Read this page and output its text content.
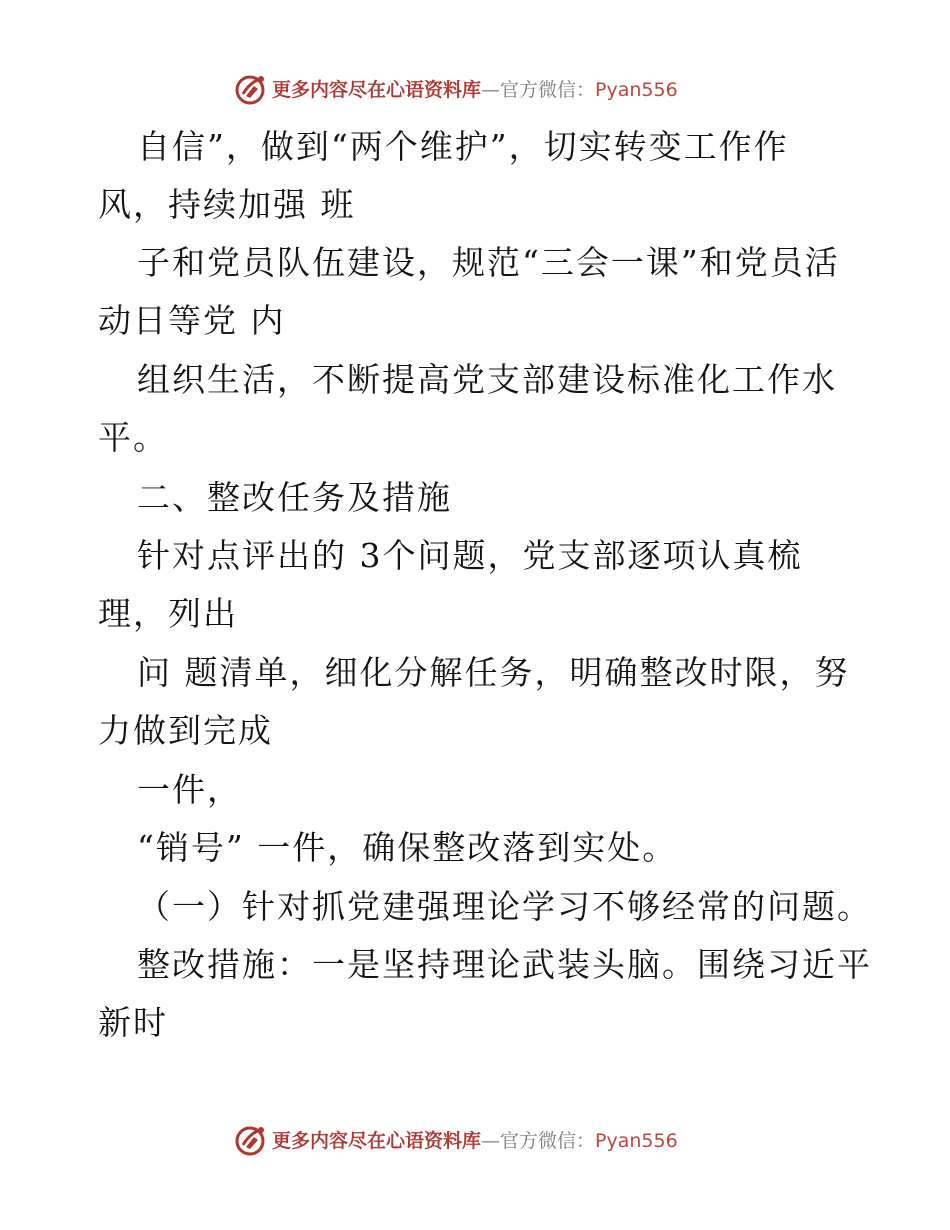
更多内容尽在心语资料库—官方微信：Pyan556
自信”，做到“两个维护”，切实转变工作作
风，持续加强 班
子和党员队伍建设，规范“三会一课”和党员活
动日等党 内
组织生活，不断提高党支部建设标准化工作水
平。
二、整改任务及措施
针对点评出的 3个问题，党支部逐项认真梳
理，列出
问 题清单，细化分解任务，明确整改时限，努
力做到完成
一件，
“销号” 一件，确保整改落到实处。
（一）针对抓党建强理论学习不够经常的问题。
整改措施：一是坚持理论武装头脑。围绕习近平
新时
更多内容尽在心语资料库—官方微信：Pyan556
